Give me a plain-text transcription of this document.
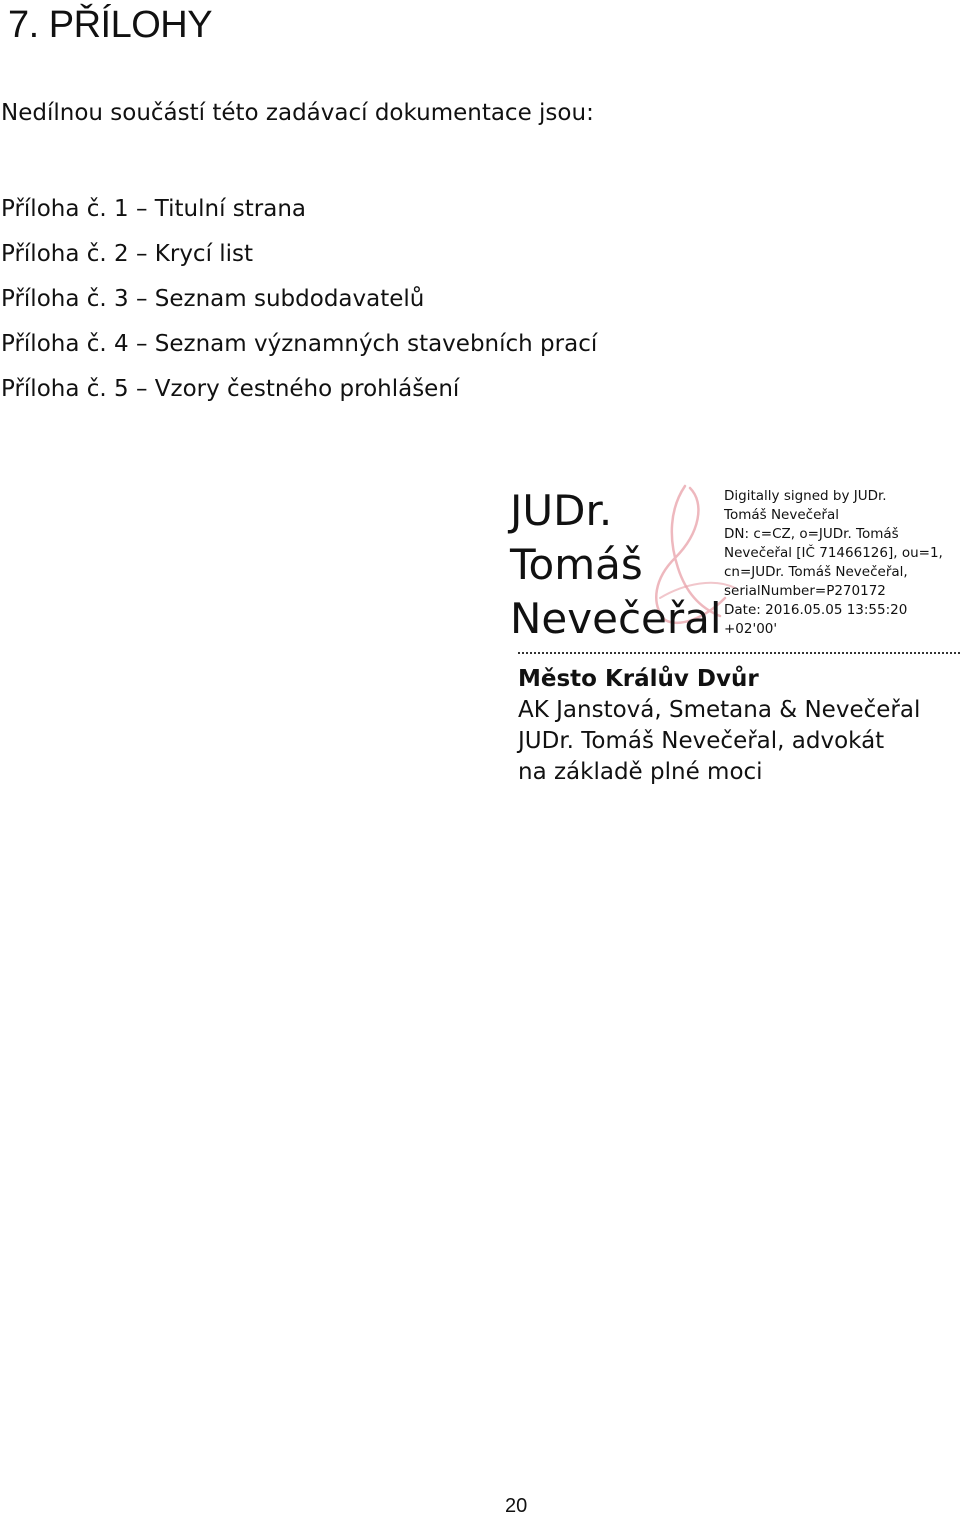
7. PŘÍLOHY
Nedílnou součástí této zadávací dokumentace jsou:
Příloha č. 1 – Titulní strana
Příloha č. 2 – Krycí list
Příloha č. 3 – Seznam subdodavatelů
Příloha č. 4 – Seznam významných stavebních prací
Příloha č. 5 – Vzory čestného prohlášení
JUDr.
Tomáš
Nevečeřal
Digitally signed by JUDr.
Tomáš Nevečeřal
DN: c=CZ, o=JUDr. Tomáš
Nevečeřal [IČ 71466126], ou=1,
cn=JUDr. Tomáš Nevečeřal,
serialNumber=P270172
Date: 2016.05.05 13:55:20
+02'00'
Město Králův Dvůr
AK Janstová, Smetana & Nevečeřal
JUDr. Tomáš Nevečeřal, advokát
na základě plné moci
20
